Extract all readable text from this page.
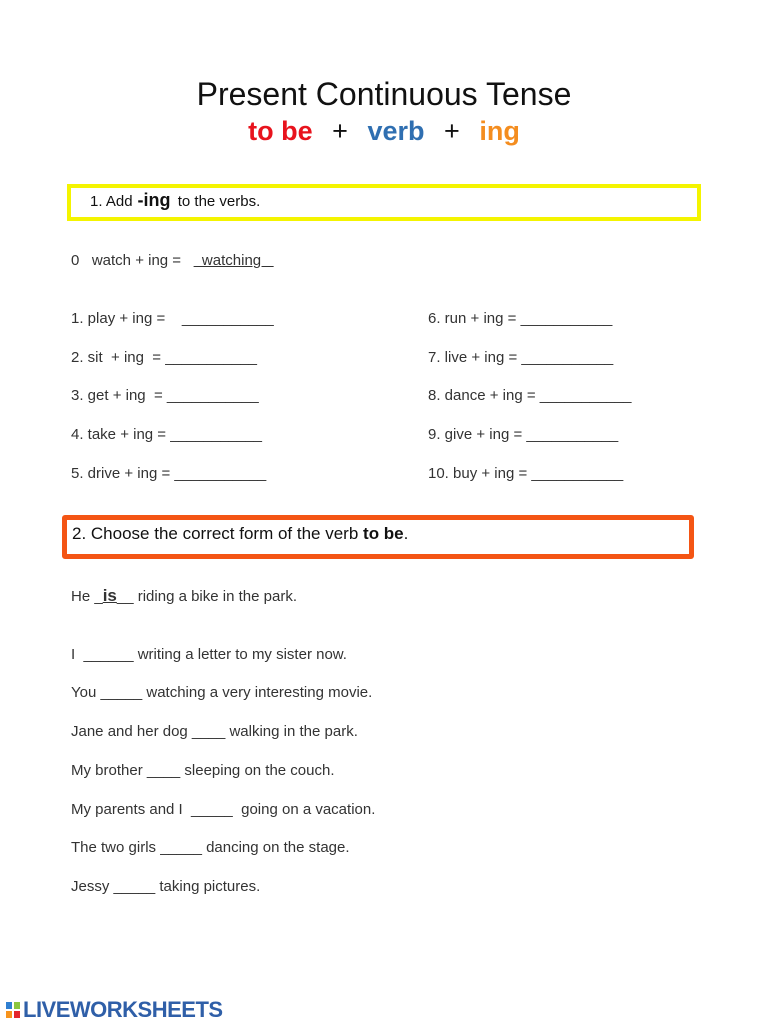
Present Continuous Tense
to be + verb + ing
1. Add -ing to the verbs.
0   watch + ing =     watching
1. play + ing =    ___________
2. sit  + ing  = ___________
3. get + ing  = ___________
4. take + ing = ___________
5. drive + ing = ___________
6. run + ing = ___________
7. live + ing = ___________
8. dance + ing = ___________
9. give + ing = ___________
10. buy + ing = ___________
2. Choose the correct form of the verb to be.
He _is__ riding a bike in the park.
I  ______ writing a letter to my sister now.
You _____ watching a very interesting movie.
Jane and her dog ____ walking in the park.
My brother ____ sleeping on the couch.
My parents and I  _____  going on a vacation.
The two girls _____ dancing on the stage.
Jessy _____ taking pictures.
LIVEWORKSHEETS
